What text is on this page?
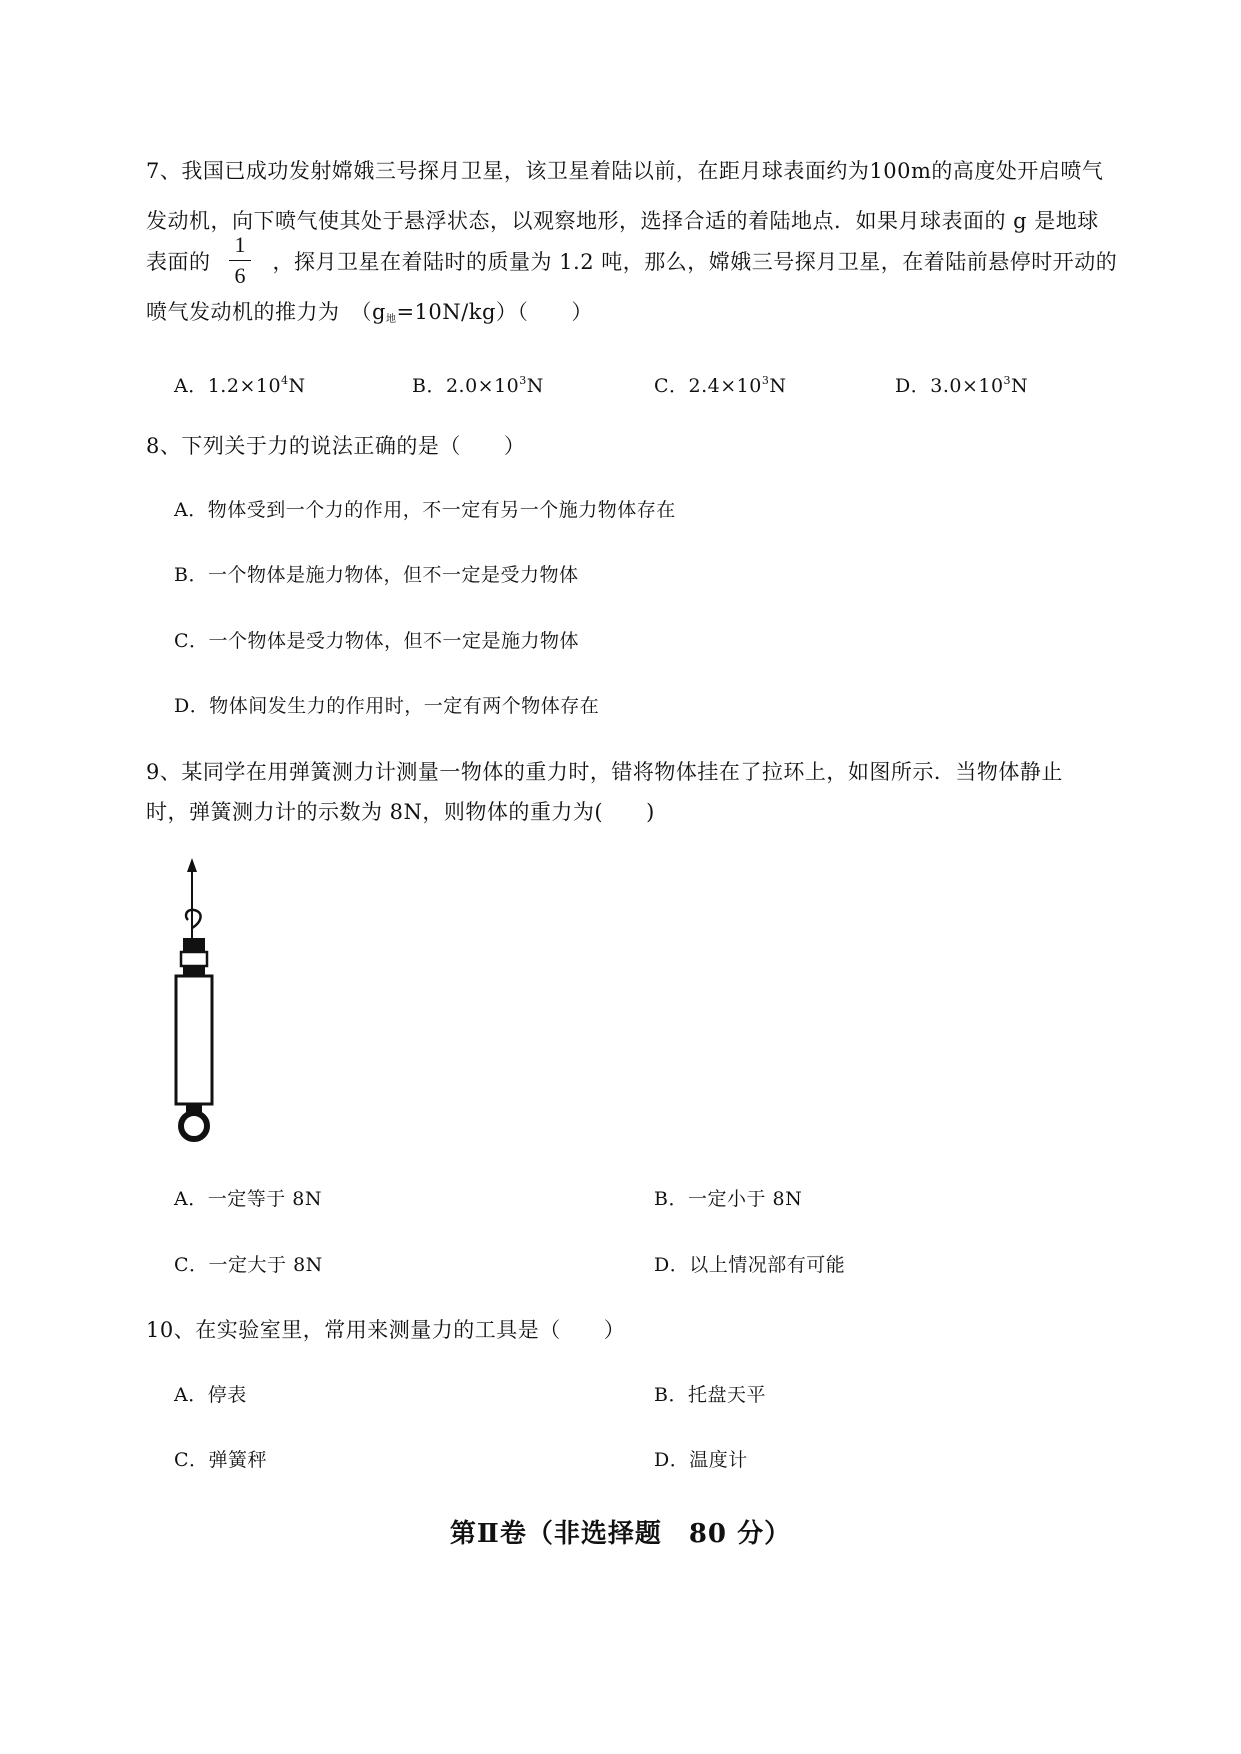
7、我国已成功发射嫦娥三号探月卫星，该卫星着陆以前，在距月球表面约为100m的高度处开启喷气
发动机，向下喷气使其处于悬浮状态，以观察地形，选择合适的着陆地点．如果月球表面的 g 是地球
表面的	，探月卫星在着陆时的质量为 1.2 吨，那么，嫦娥三号探月卫星，在着陆前悬停时开动的
1
6
喷气发动机的推力为　$(g_地=10N/kg)$（　　）
A．$1.2\times 10^4N$	B．$2.0\times 10^3N$	C．$2.4\times 10^3N$	D．$3.0\times 10^3N$
8、下列关于力的说法正确的是（　　）
A．物体受到一个力的作用，不一定有另一个施力物体存在
B．一个物体是施力物体，但不一定是受力物体
C．一个物体是受力物体，但不一定是施力物体
D．物体间发生力的作用时，一定有两个物体存在
9、某同学在用弹簧测力计测量一物体的重力时，错将物体挂在了拉环上，如图所示．当物体静止
时，弹簧测力计的示数为 8N，则物体的重力为(　　)
A．一定等于 8N	B．一定小于 8N
C．一定大于 8N	D．以上情况部有可能
10、在实验室里，常用来测量力的工具是（　　）
A．停表	B．托盘天平
C．弹簧秤	D．温度计
第Ⅱ卷（非选择题　80 分）
